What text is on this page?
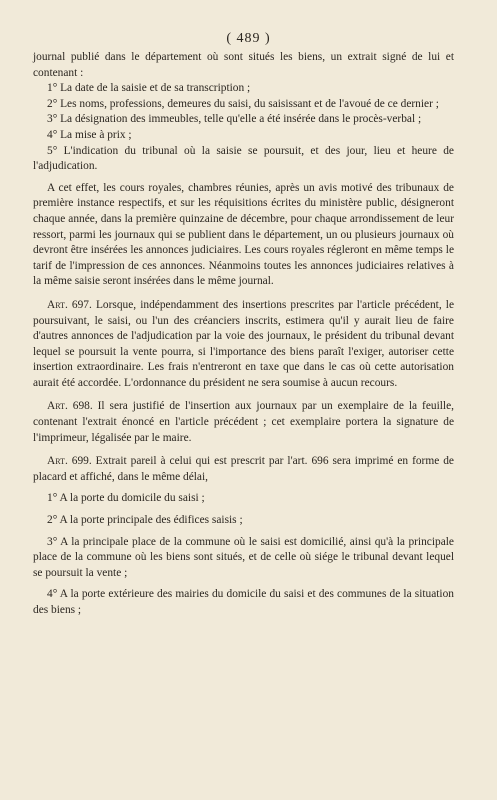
( 489 )

journal publié dans le département où sont situés les biens, un extrait signé de lui et contenant :

1° La date de la saisie et de sa transcription ;

2° Les noms, professions, demeures du saisi, du saisissant et de l'avoué de ce dernier ;

3° La désignation des immeubles, telle qu'elle a été insérée dans le procès-verbal ;

4° La mise à prix ;

5° L'indication du tribunal où la saisie se poursuit, et des jour, lieu et heure de l'adjudication.

A cet effet, les cours royales, chambres réunies, après un avis motivé des tribunaux de première instance respectifs, et sur les réquisitions écrites du ministère public, désigneront chaque année, dans la première quinzaine de décembre, pour chaque arrondissement de leur ressort, parmi les journaux qui se publient dans le département, un ou plusieurs journaux où devront être insérées les annonces judiciaires. Les cours royales régleront en même temps le tarif de l'impression de ces annonces. Néanmoins toutes les annonces judiciaires relatives à la même saisie seront insérées dans le même journal.

Art. 697. Lorsque, indépendamment des insertions prescrites par l'article précédent, le poursuivant, le saisi, ou l'un des créanciers inscrits, estimera qu'il y aurait lieu de faire d'autres annonces de l'adjudication par la voie des journaux, le président du tribunal devant lequel se poursuit la vente pourra, si l'importance des biens paraît l'exiger, autoriser cette insertion extraordinaire. Les frais n'entreront en taxe que dans le cas où cette autorisation aurait été accordée. L'ordonnance du président ne sera soumise à aucun recours.

Art. 698. Il sera justifié de l'insertion aux journaux par un exemplaire de la feuille, contenant l'extrait énoncé en l'article précédent ; cet exemplaire portera la signature de l'imprimeur, légalisée par le maire.

Art. 699. Extrait pareil à celui qui est prescrit par l'art. 696 sera imprimé en forme de placard et affiché, dans le même délai,

1° A la porte du domicile du saisi ;

2° A la porte principale des édifices saisis ;

3° A la principale place de la commune où le saisi est domicilié, ainsi qu'à la principale place de la commune où les biens sont situés, et de celle où siége le tribunal devant lequel se poursuit la vente ;

4° A la porte extérieure des mairies du domicile du saisi et des communes de la situation des biens ;
